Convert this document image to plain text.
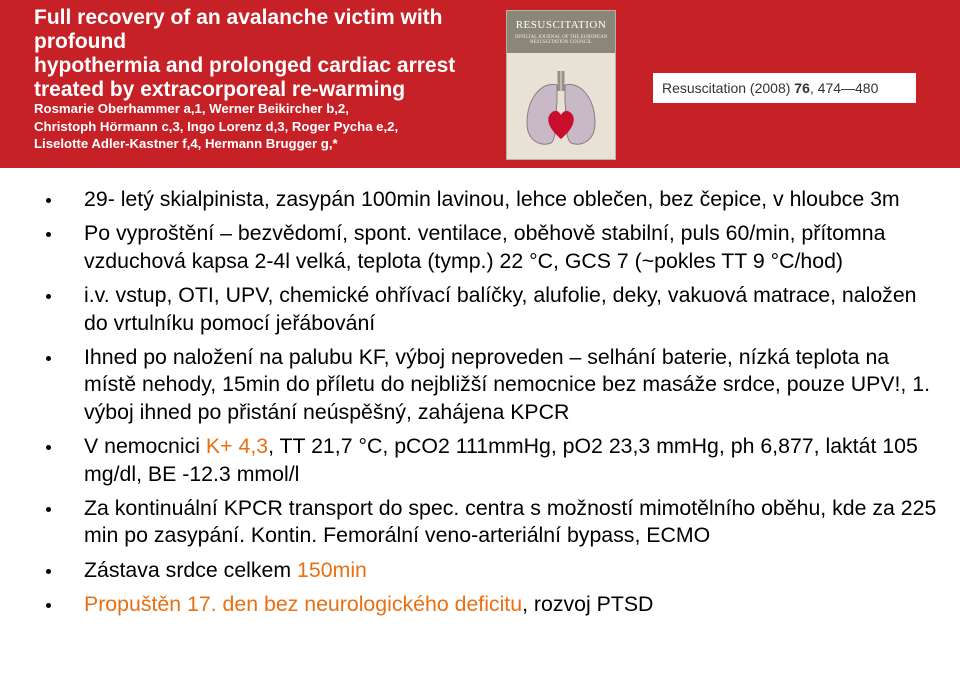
Full recovery of an avalanche victim with profound
hypothermia and prolonged cardiac arrest
treated by extracorporeal re-warming
Rosmarie Oberhammer a,1, Werner Beikircher b,2,
Christoph Hörmann c,3, Ingo Lorenz d,3, Roger Pycha e,2,
Liselotte Adler-Kastner f,4, Hermann Brugger g,*
RESUSCITATION
OFFICIAL JOURNAL OF THE EUROPEAN RESUSCITATION COUNCIL
Resuscitation (2008) 76, 474—480
29- letý skialpinista, zasypán 100min lavinou, lehce oblečen, bez čepice, v hloubce 3m
Po vyproštění – bezvědomí, spont. ventilace, oběhově stabilní, puls 60/min, přítomna vzduchová kapsa 2-4l velká, teplota (tymp.) 22 °C, GCS 7 (~pokles TT 9 °C/hod)
i.v. vstup, OTI, UPV, chemické ohřívací balíčky, alufolie, deky, vakuová matrace, naložen do vrtulníku pomocí jeřábování
Ihned po naložení na palubu KF, výboj neproveden – selhání baterie, nízká teplota na místě nehody, 15min do příletu do nejbližší nemocnice bez masáže srdce, pouze UPV!, 1. výboj ihned po přistání neúspěšný, zahájena KPCR
V nemocnici K+ 4,3, TT 21,7 °C, pCO2 111mmHg, pO2 23,3 mmHg, ph 6,877, laktát 105 mg/dl, BE -12.3 mmol/l
Za kontinuální KPCR transport do spec. centra s možností mimotělního oběhu, kde za 225 min po zasypání. Kontin. Femorální veno-arteriální bypass, ECMO
Zástava srdce celkem 150min
Propuštěn 17. den bez neurologického deficitu, rozvoj PTSD
